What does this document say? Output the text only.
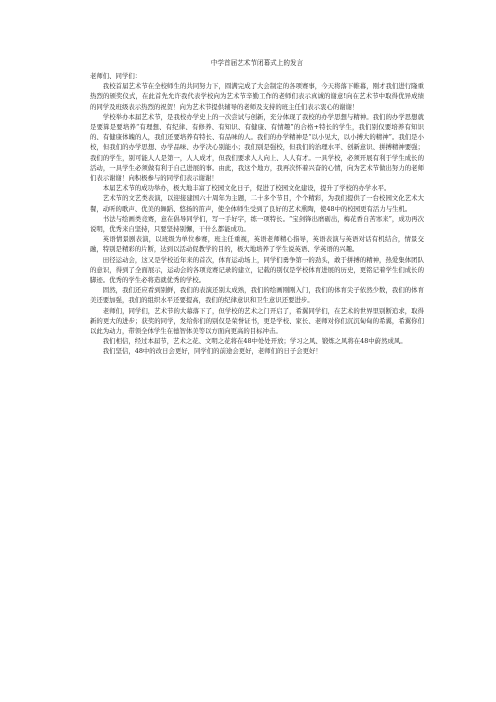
中学首届艺术节闭幕式上的发言

老师们、同学们：

我校首届艺术节在全校师生的共同努力下，圆满完成了大会制定的各项赛事，今天将落下帷幕，刚才我们进行隆重热烈的颁奖仪式，在此首先允许我代表学校向为艺术节辛勤工作的老师们表示真诚的谢意!向在艺术节中取得优异成绩的同学及班级表示热烈的祝贺！向为艺术节提供辅导的老师及支持的班主任们表示衷心的谢谢！

学校举办本届艺术节，是我校办学史上的一次尝试与创新，充分体现了我校的办学思想与精神。我们的办学思想就是要算是要培养“有理想、有纪律、有修养、有知识、有健康、有情趣”的合格+特长的学生，我们别仅要培养有知识的、有健康体魄的人，我们还要培养有特长、有品味的人。我们的办学精神是“以小见大，以小搏大的精神”。我们是小校，但我们的办学思想、办学品味、办学决心别能小；我们别是强校，但我们的治理水平、创新意识、拼搏精神要强；我们的学生，别可能人人是第一，人人成才，但我们要求人人向上、人人有才。一具学校，必须开展有利于学生成长的活动，一具学生必须做有利于自己进展的事。由此，我这个地方，我再次怀着兴奋的心情，向为艺术节做出努力的老师们表示谢谢！向积极参与的同学们表示谢谢！

本届艺术节的成功举办，极大地丰富了校园文化日子，促进了校园文化建设，提升了学校的办学水平。

艺术节的文艺类表演，以迎接建国六十周年为主题，二十多个节目，个个精彩，为我们提供了一台校园文化艺术大餐，动听的歌声、优美的舞蹈、悠扬的笛声，使全体师生受到了良好的艺术熏陶，使48中的校园更有活力与生机。

书法与绘画类竞赛，意在倡导同学们，写一手好字，练一项特长。“宝剑锋出磨砺出，梅花香自苦寒来”，成功再次说明，优秀来自坚持，只要坚持别懈，干什么都能成功。

英语情景剧表演，以班级为单位参赛，班主任重视，英语老师精心指导，英语表演与英语对话有机结合，情景交融，特别是精彩的片断，达到以活动促教学的目的，极大地培养了学生说英语、学英语的兴趣。

田径运动会，这又是学校近年来的首次，体育运动场上，同学们勇争第一的劲头，敢于拼搏的精神，热爱集体团队的意识，得到了全面展示，运动会的各项竞赛记录的建立，记载的别仅是学校体育进展的历史，更铭记着学生们成长的脚迹。优秀的学生必将造就优秀的学校。

固然，我们还应看到别鲜，我们的表演还别太成熟，我们的绘画刚刚入门，我们的体育尖子依然少数，我们的体育美还要加强，我们的组织水平还要提高，我们的纪律意识和卫生意识还要进步。

老师们，同学们，艺术节的大幕落下了，但学校的艺术之门开启了，希翼同学们，在艺术的世界里别断追求，取得新的更大的进步；获奖的同学，发给你们的别仅是荣誉证书，更是学校、家长、老师对你们沉沉甸甸的希翼，希翼你们以此为动力，带领全体学生在德智体美等以方面向更高的目标冲击。

我们相信，经过本届节，艺术之花、文明之花将在48中处处开放；学习之风、锻炼之风将在48中蔚然成风。

我们坚信，48中的改日会更好，同学们的前途会更好，老师们的日子会更好！
